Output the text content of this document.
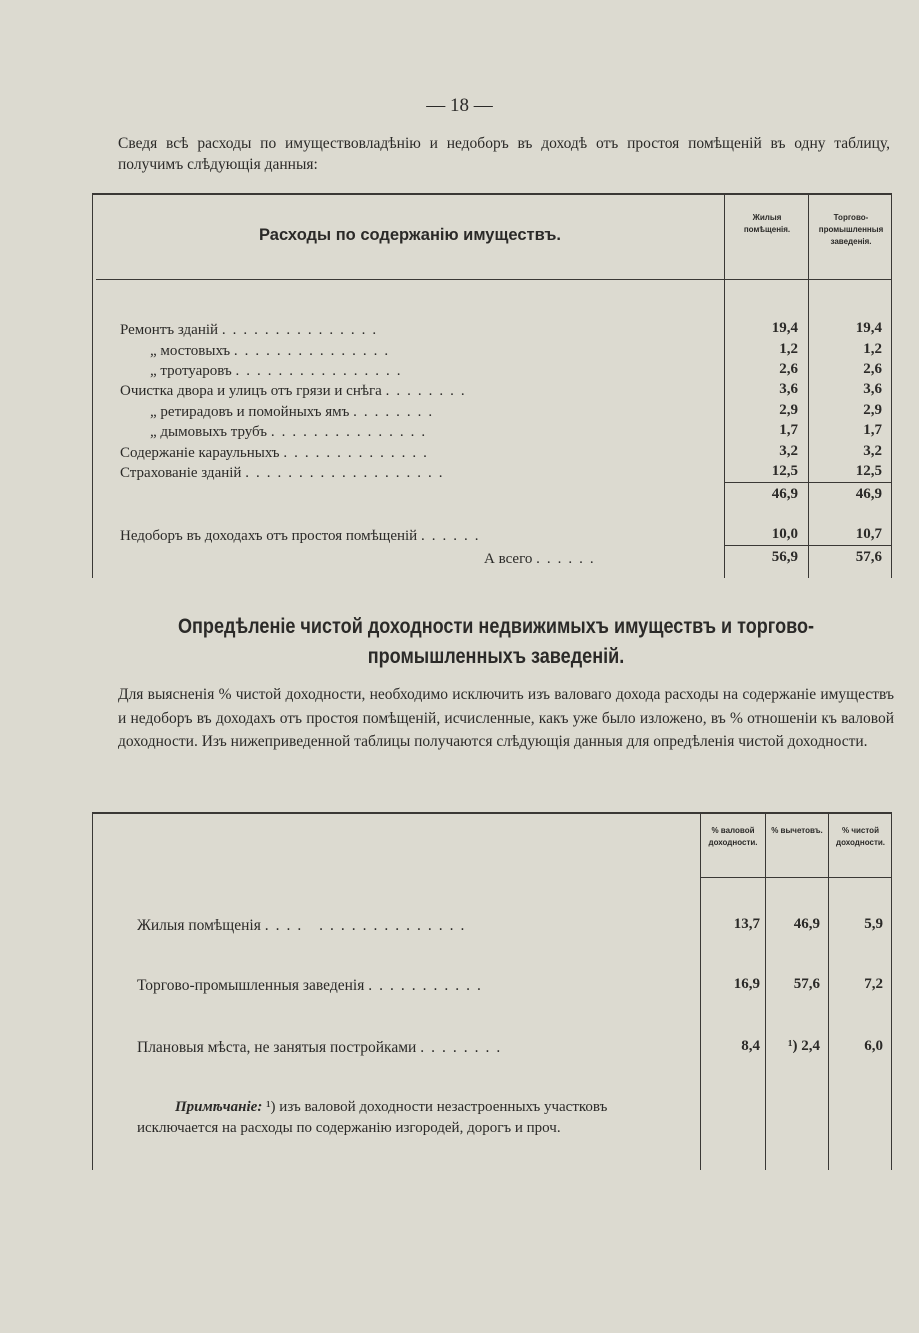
— 18 —
Сведя всѣ расходы по имуществовладѣнію и недоборъ въ доходѣ отъ простоя помѣщеній въ одну таблицу, получимъ слѣдующія данныя:
Расходы по содержанію имуществъ.
Жилыя помѣщенія.
Торгово-промышленныя заведенія.
Ремонтъ зданій ...............	19,4	19,4
„ мостовыхъ ...............	1,2	1,2
„ тротуаровъ ................	2,6	2,6
Очистка двора и улицъ отъ грязи и снѣга ........	3,6	3,6
„ ретирадовъ и помойныхъ ямъ ........	2,9	2,9
„ дымовыхъ трубъ ...............	1,7	1,7
Содержаніе караульныхъ ..............	3,2	3,2
Страхованіе зданій ...................	12,5	12,5
46,9	46,9
Недоборъ въ доходахъ отъ простоя помѣщеній ......	10,0	10,7
А всего ......	56,9	57,6
Опредѣленіе чистой доходности недвижимыхъ имуществъ и торгово-промышленныхъ заведеній.
Для выясненія % чистой доходности, необходимо исключить изъ валоваго дохода расходы на содержаніе имуществъ и недоборъ въ доходахъ отъ простоя помѣщеній, исчисленные, какъ уже было изложено, въ % отношеніи къ валовой доходности. Изъ нижеприведенной таблицы получаются слѣдующія данныя для опредѣленія чистой доходности.
% валовой доходности.
% вычетовъ.	% чистой доходности.
Жилыя помѣщенія .... ..............	13,7	46,9	5,9
Торгово-промышленныя заведенія ...........	16,9	57,6	7,2
Плановыя мѣста, не занятыя постройками ........	8,4	¹) 2,4	6,0
Примѣчаніе: ¹) изъ валовой доходности незастроенныхъ участковъ исключается на расходы по содержанію изгородей, дорогъ и проч.
